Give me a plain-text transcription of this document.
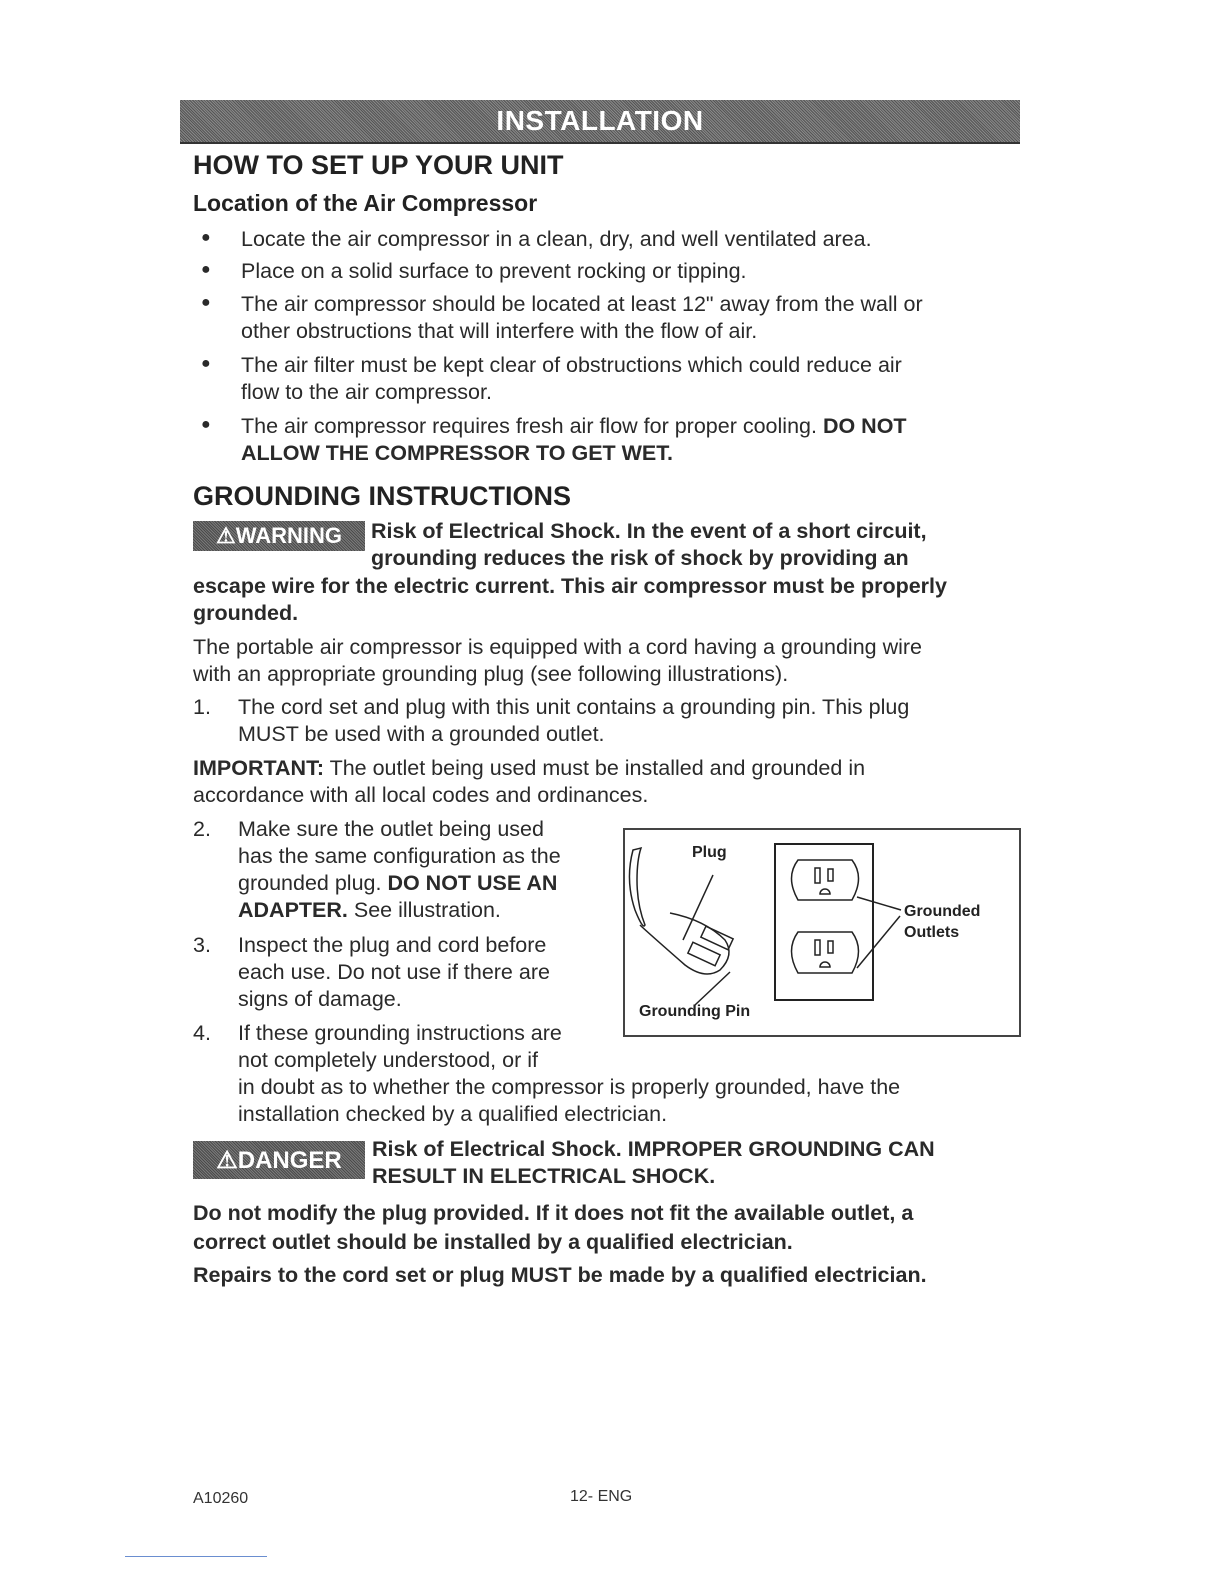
INSTALLATION
HOW TO SET UP YOUR UNIT
Location of the Air Compressor
● Locate the air compressor in a clean, dry, and well ventilated area.
● Place on a solid surface to prevent rocking or tipping.
● The air compressor should be located at least 12" away from the wall or
other obstructions that will interfere with the flow of air.
● The air filter must be kept clear of obstructions which could reduce air
flow to the air compressor.
● The air compressor requires fresh air flow for proper cooling. DO NOT
ALLOW THE COMPRESSOR TO GET WET.
GROUNDING INSTRUCTIONS
⚠WARNING	Risk of Electrical Shock. In the event of a short circuit,
grounding reduces the risk of shock by providing an
escape wire for the electric current. This air compressor must be properly
grounded.
The portable air compressor is equipped with a cord having a grounding wire
with an appropriate grounding plug (see following illustrations).
1. The cord set and plug with this unit contains a grounding pin. This plug
MUST be used with a grounded outlet.
IMPORTANT: The outlet being used must be installed and grounded in
accordance with all local codes and ordinances.
2. Make sure the outlet being used
has the same configuration as the
grounded plug. DO NOT USE AN
ADAPTER. See illustration.
3. Inspect the plug and cord before
each use. Do not use if there are
signs of damage.
4. If these grounding instructions are
not completely understood, or if
in doubt as to whether the compressor is properly grounded, have the
installation checked by a qualified electrician.
Plug
Grounding Pin
Grounded
Outlets
⚠DANGER	Risk of Electrical Shock. IMPROPER GROUNDING CAN
RESULT IN ELECTRICAL SHOCK.
Do not modify the plug provided. If it does not fit the available outlet, a
correct outlet should be installed by a qualified electrician.
Repairs to the cord set or plug MUST be made by a qualified electrician.
A10260	12- ENG
